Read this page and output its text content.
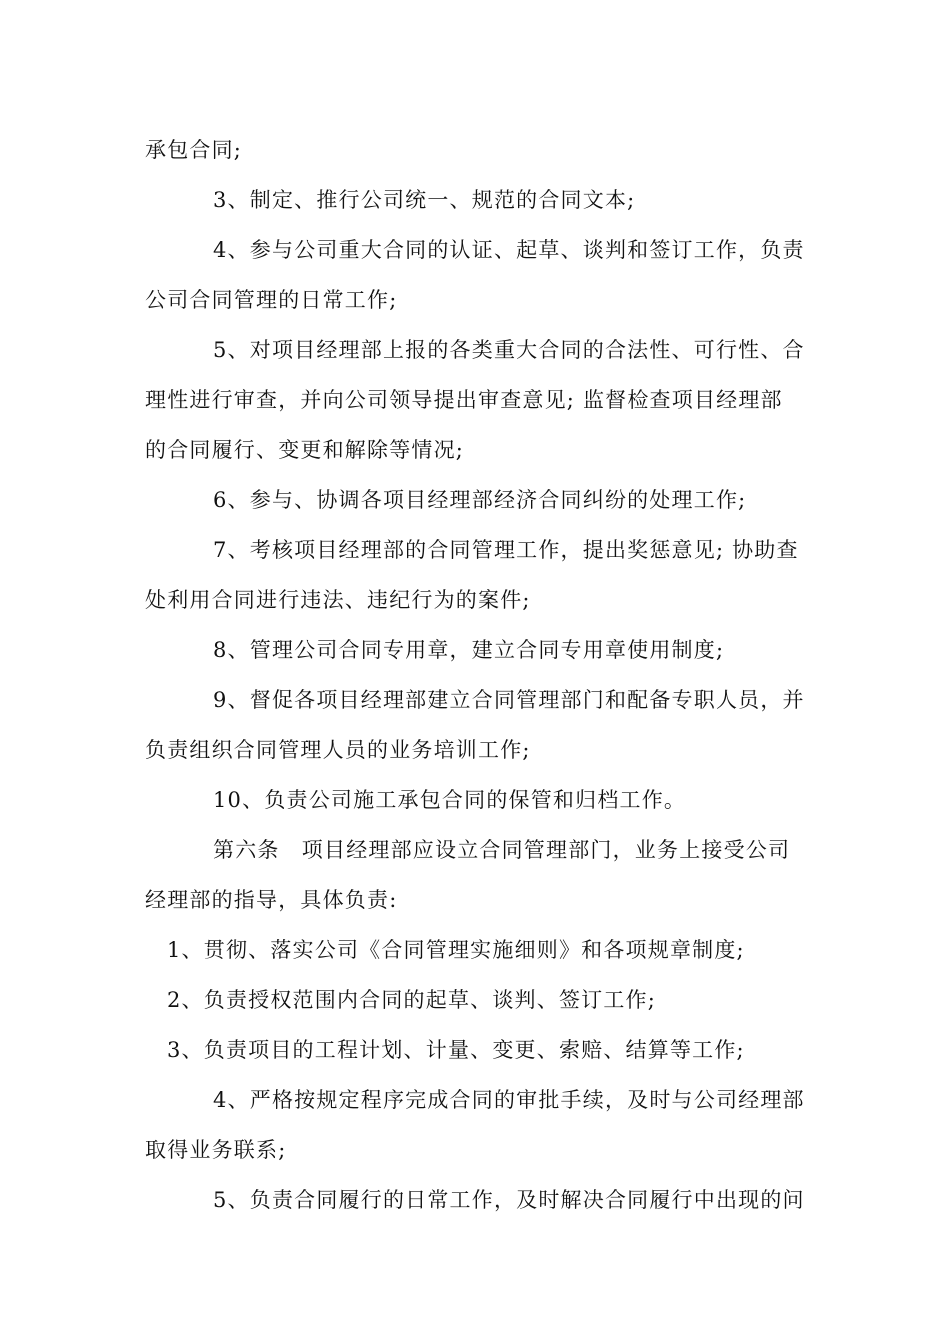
承包合同;
3、制定、推行公司统一、规范的合同文本;
4、参与公司重大合同的认证、起草、谈判和签订工作，负责
公司合同管理的日常工作;
5、对项目经理部上报的各类重大合同的合法性、可行性、合
理性进行审查，并向公司领导提出审查意见; 监督检查项目经理部
的合同履行、变更和解除等情况;
6、参与、协调各项目经理部经济合同纠纷的处理工作;
7、考核项目经理部的合同管理工作，提出奖惩意见; 协助查
处利用合同进行违法、违纪行为的案件;
8、管理公司合同专用章，建立合同专用章使用制度;
9、督促各项目经理部建立合同管理部门和配备专职人员，并
负责组织合同管理人员的业务培训工作;
10、负责公司施工承包合同的保管和归档工作。
第六条　项目经理部应设立合同管理部门，业务上接受公司
经理部的指导，具体负责:
1、贯彻、落实公司《合同管理实施细则》和各项规章制度;
2、负责授权范围内合同的起草、谈判、签订工作;
3、负责项目的工程计划、计量、变更、索赔、结算等工作;
4、严格按规定程序完成合同的审批手续，及时与公司经理部
取得业务联系;
5、负责合同履行的日常工作，及时解决合同履行中出现的问
